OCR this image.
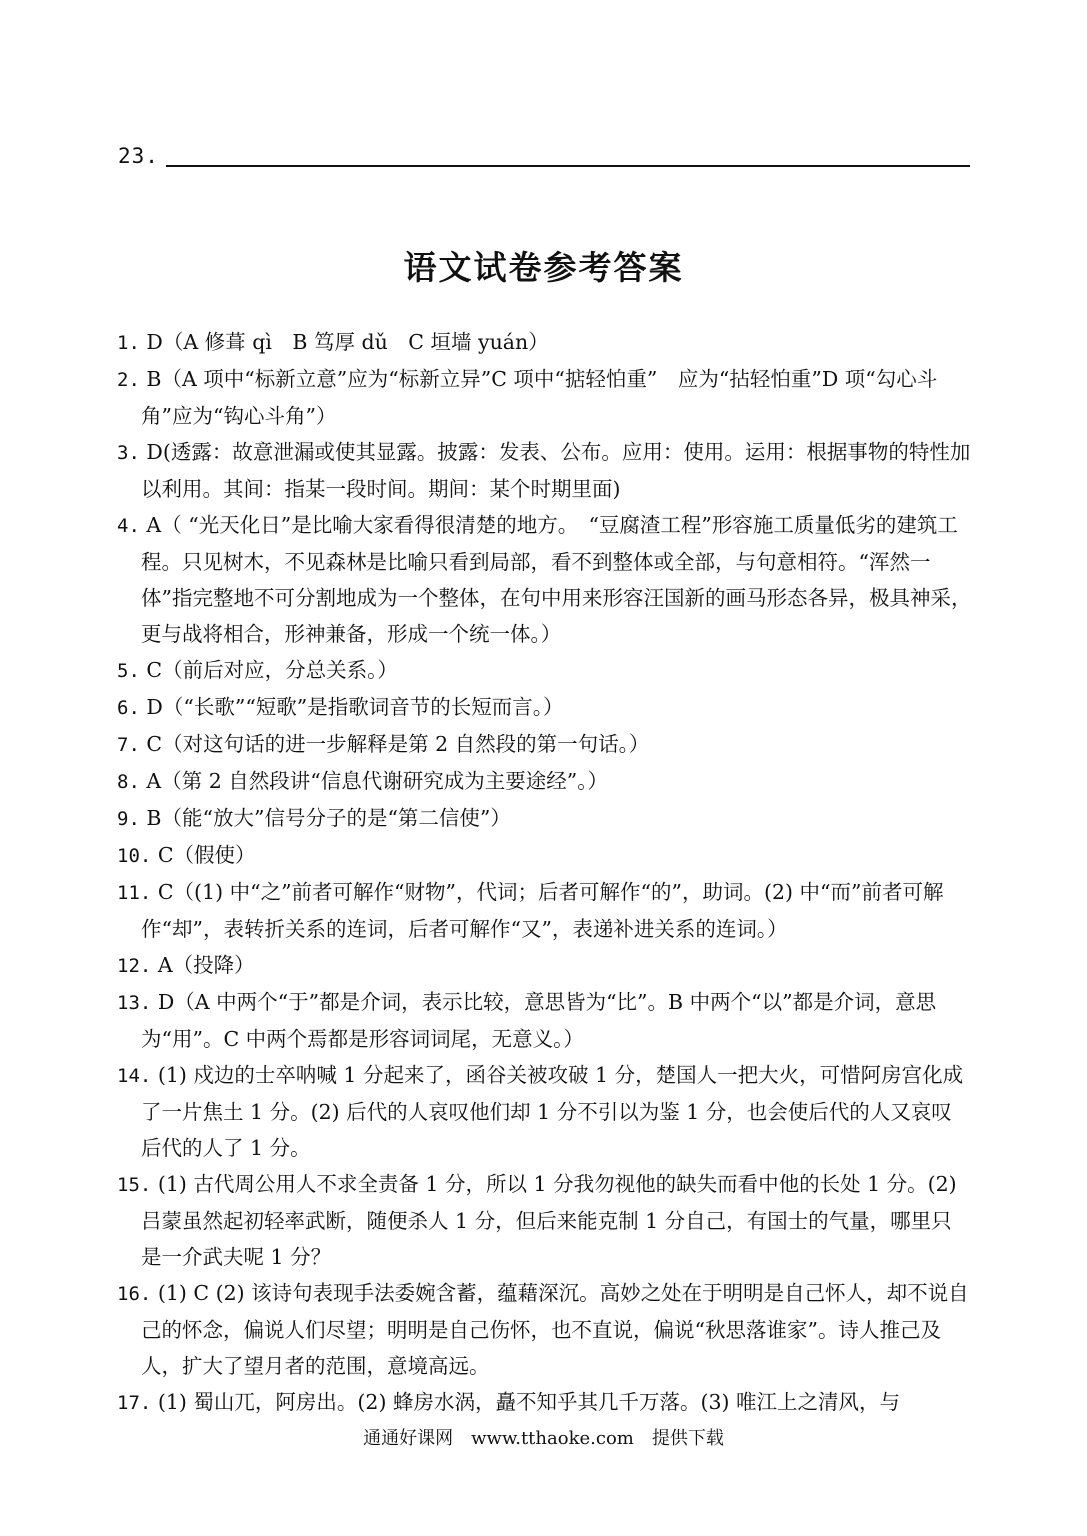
23.
语文试卷参考答案
1. D（A 修葺 qì　B 笃厚 dǔ　C 垣墙 yuán）
2. B（A 项中“标新立意”应为“标新立异”C 项中“掂轻怕重”　应为“拈轻怕重”D 项“勾心斗角”应为“钩心斗角”）
3. D(透露：故意泄漏或使其显露。披露：发表、公布。应用：使用。运用：根据事物的特性加以利用。其间：指某一段时间。期间：某个时期里面)
4. A（ “光天化日”是比喻大家看得很清楚的地方。　“豆腐渣工程”形容施工质量低劣的建筑工程。只见树木，不见森林是比喻只看到局部，看不到整体或全部，与句意相符。“浑然一体”指完整地不可分割地成为一个整体，在句中用来形容汪国新的画马形态各异，极具神采，更与战将相合，形神兼备，形成一个统一体。）
5. C（前后对应，分总关系。）
6. D（“长歌”“短歌”是指歌词音节的长短而言。）
7. C（对这句话的进一步解释是第 2 自然段的第一句话。）
8. A（第 2 自然段讲“信息代谢研究成为主要途经”。）
9. B（能“放大”信号分子的是“第二信使”）
10. C（假使）
11. C（(1) 中“之”前者可解作“财物”，代词；后者可解作“的”，助词。(2) 中“而”前者可解作“却”，表转折关系的连词，后者可解作“又”，表递补进关系的连词。）
12. A（投降）
13. D（A 中两个“于”都是介词，表示比较，意思皆为“比”。B 中两个“以”都是介词，意思为“用”。C 中两个焉都是形容词词尾，无意义。）
14. (1) 戍边的士卒呐喊 1 分起来了，函谷关被攻破 1 分，楚国人一把大火，可惜阿房宫化成了一片焦土 1 分。(2) 后代的人哀叹他们却 1 分不引以为鉴 1 分，也会使后代的人又哀叹后代的人了 1 分。
15. (1) 古代周公用人不求全责备 1 分，所以 1 分我勿视他的缺失而看中他的长处 1 分。(2) 吕蒙虽然起初轻率武断，随便杀人 1 分，但后来能克制 1 分自己，有国士的气量，哪里只是一介武夫呢 1 分？
16. (1) C (2) 该诗句表现手法委婉含蓄，蕴藉深沉。高妙之处在于明明是自己怀人，却不说自己的怀念，偏说人们尽望；明明是自己伤怀，也不直说，偏说“秋思落谁家”。诗人推己及人，扩大了望月者的范围，意境高远。
17. (1) 蜀山兀，阿房出。(2) 蜂房水涡，矗不知乎其几千万落。(3) 唯江上之清风，与
通通好课网　www.tthaoke.com　提供下载
